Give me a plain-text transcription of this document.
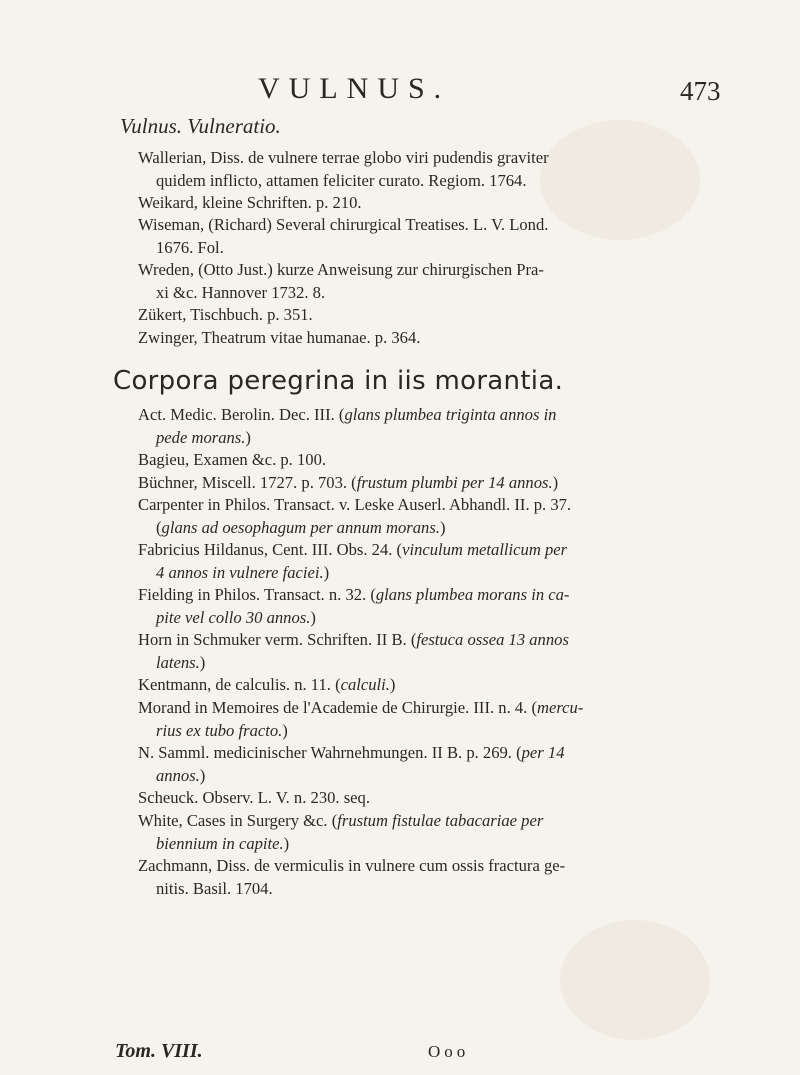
VULNUS.	473
Vulnus. Vulneratio.
Wallerian, Diss. de vulnere terrae globo viri pudendis graviter
quidem inflicto, attamen feliciter curato. Regiom. 1764.
Weikard, kleine Schriften. p. 210.
Wiseman, (Richard) Several chirurgical Treatises. L. V. Lond.
1676. Fol.
Wreden, (Otto Just.) kurze Anweisung zur chirurgischen Pra-
xi &c. Hannover 1732. 8.
Zükert, Tischbuch. p. 351.
Zwinger, Theatrum vitae humanae. p. 364.
Corpora peregrina in iis morantia.
Act. Medic. Berolin. Dec. III. (glans plumbea triginta annos in
pede morans.)
Bagieu, Examen &c. p. 100.
Büchner, Miscell. 1727. p. 703. (frustum plumbi per 14 annos.)
Carpenter in Philos. Transact. v. Leske Auserl. Abhandl. II. p. 37.
(glans ad oesophagum per annum morans.)
Fabricius Hildanus, Cent. III. Obs. 24. (vinculum metallicum per
4 annos in vulnere faciei.)
Fielding in Philos. Transact. n. 32. (glans plumbea morans in ca-
pite vel collo 30 annos.)
Horn in Schmuker verm. Schriften. II B. (festuca ossea 13 annos
latens.)
Kentmann, de calculis. n. 11. (calculi.)
Morand in Memoires de l'Academie de Chirurgie. III. n. 4. (mercu-
rius ex tubo fracto.)
N. Samml. medicinischer Wahrnehmungen. II B. p. 269. (per 14
annos.)
Scheuck. Observ. L. V. n. 230. seq.
White, Cases in Surgery &c. (frustum fistulae tabacariae per
biennium in capite.)
Zachmann, Diss. de vermiculis in vulnere cum ossis fractura ge-
nitis. Basil. 1704.
Tom. VIII.	Ooo
